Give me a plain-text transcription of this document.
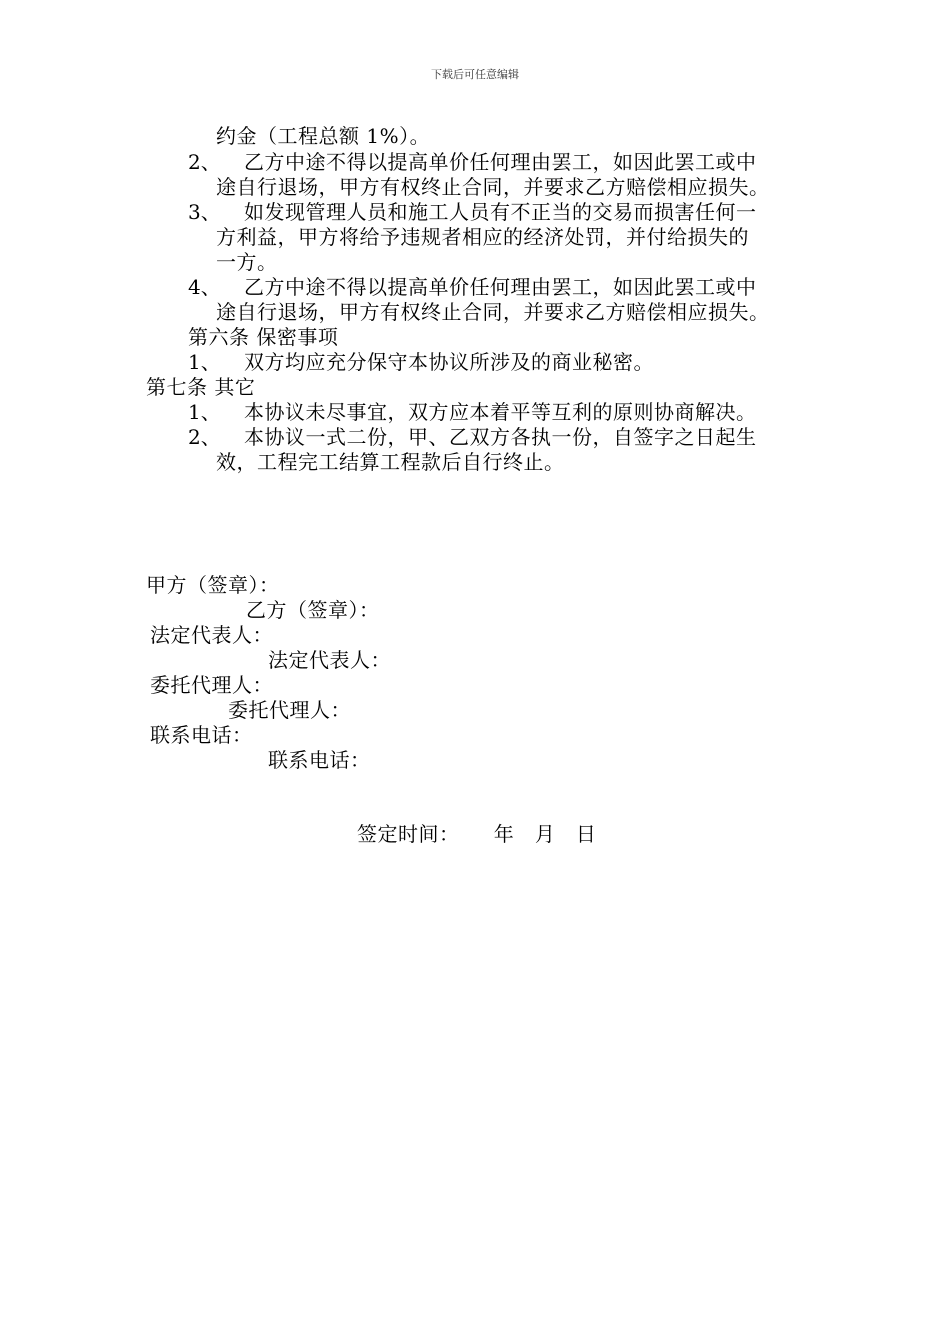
下载后可任意编辑
约金（工程总额 1%）。
2、 乙方中途不得以提高单价任何理由罢工，如因此罢工或中
途自行退场，甲方有权终止合同，并要求乙方赔偿相应损失。
3、 如发现管理人员和施工人员有不正当的交易而损害任何一
方利益，甲方将给予违规者相应的经济处罚，并付给损失的
一方。
4、 乙方中途不得以提高单价任何理由罢工，如因此罢工或中
途自行退场，甲方有权终止合同，并要求乙方赔偿相应损失。
第六条 保密事项
1、 双方均应充分保守本协议所涉及的商业秘密。
第七条 其它
1、 本协议未尽事宜，双方应本着平等互利的原则协商解决。
2、 本协议一式二份，甲、乙双方各执一份，自签字之日起生
效，工程完工结算工程款后自行终止。
甲方（签章）：
乙方（签章）：
法定代表人：
法定代表人：
委托代理人：
委托代理人：
联系电话：
联系电话：
签定时间：     年   月   日
